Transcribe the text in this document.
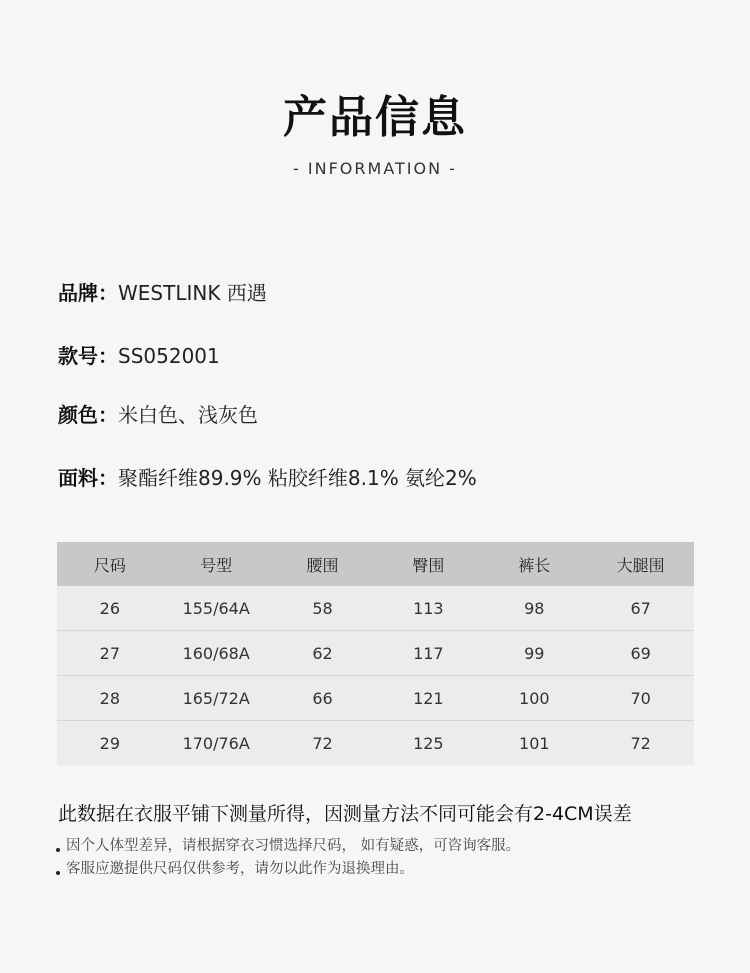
产品信息
- INFORMATION -
品牌：WESTLINK 西遇
款号：SS052001
颜色：米白色、浅灰色
面料：聚酯纤维89.9% 粘胶纤维8.1% 氨纶2%
尺码	号型	腰围	臀围	裤长	大腿围
26	155/64A	58	113	98	67
27	160/68A	62	117	99	69
28	165/72A	66	121	100	70
29	170/76A	72	125	101	72
此数据在衣服平铺下测量所得，因测量方法不同可能会有2-4CM误差
因个人体型差异，请根据穿衣习惯选择尺码， 如有疑惑，可咨询客服。
客服应邀提供尺码仅供参考，请勿以此作为退换理由。
